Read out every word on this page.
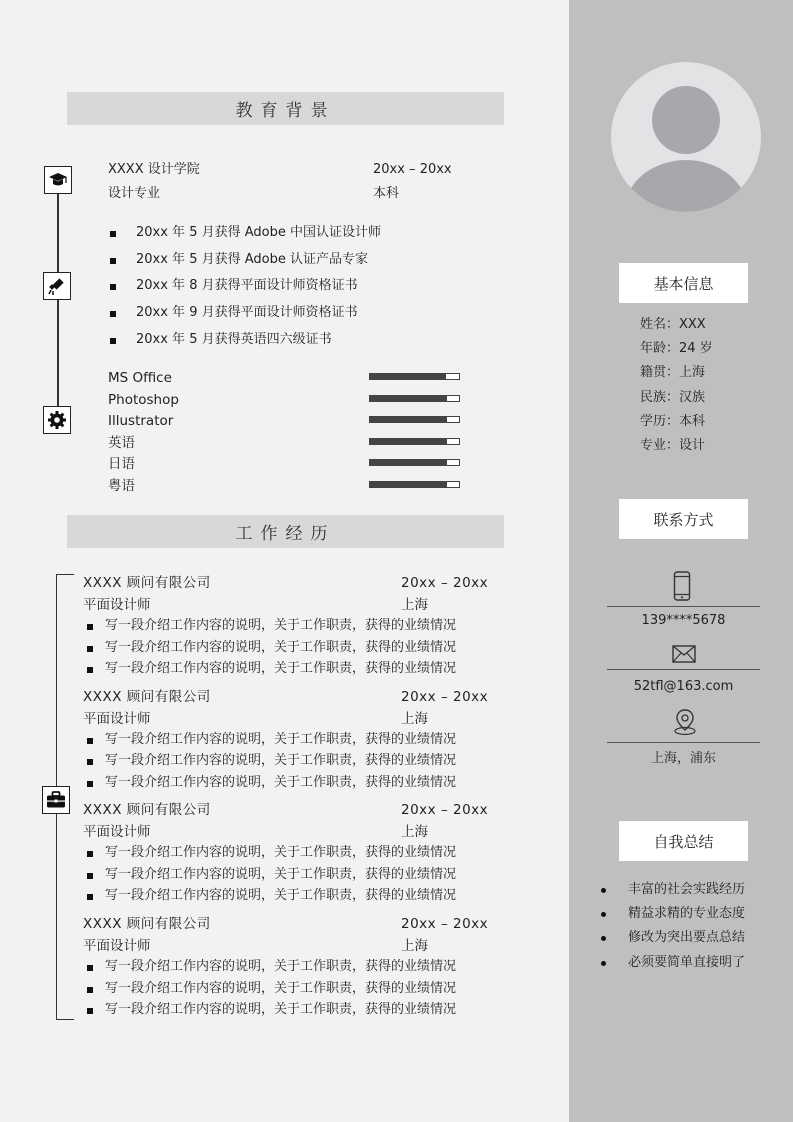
教育背景
XXXX 设计学院	20xx – 20xx
设计专业	本科
20xx 年 5 月获得 Adobe 中国认证设计师
20xx 年 5 月获得 Adobe 认证产品专家
20xx 年 8 月获得平面设计师资格证书
20xx 年 9 月获得平面设计师资格证书
20xx 年 5 月获得英语四六级证书
MS Office
Photoshop
Illustrator
英语
日语
粤语
工作经历
XXXX 顾问有限公司	20xx – 20xx
平面设计师	上海
写一段介绍工作内容的说明，关于工作职责，获得的业绩情况
写一段介绍工作内容的说明，关于工作职责，获得的业绩情况
写一段介绍工作内容的说明，关于工作职责，获得的业绩情况
XXXX 顾问有限公司	20xx – 20xx
平面设计师	上海
写一段介绍工作内容的说明，关于工作职责，获得的业绩情况
写一段介绍工作内容的说明，关于工作职责，获得的业绩情况
写一段介绍工作内容的说明，关于工作职责，获得的业绩情况
XXXX 顾问有限公司	20xx – 20xx
平面设计师	上海
写一段介绍工作内容的说明，关于工作职责，获得的业绩情况
写一段介绍工作内容的说明，关于工作职责，获得的业绩情况
写一段介绍工作内容的说明，关于工作职责，获得的业绩情况
XXXX 顾问有限公司	20xx – 20xx
平面设计师	上海
写一段介绍工作内容的说明，关于工作职责，获得的业绩情况
写一段介绍工作内容的说明，关于工作职责，获得的业绩情况
写一段介绍工作内容的说明，关于工作职责，获得的业绩情况
基本信息
姓名：XXX
年龄：24 岁
籍贯：上海
民族：汉族
学历：本科
专业：设计
联系方式
139****5678
52tfl@163.com
上海，浦东
自我总结
丰富的社会实践经历
精益求精的专业态度
修改为突出要点总结
必须要简单直接明了
